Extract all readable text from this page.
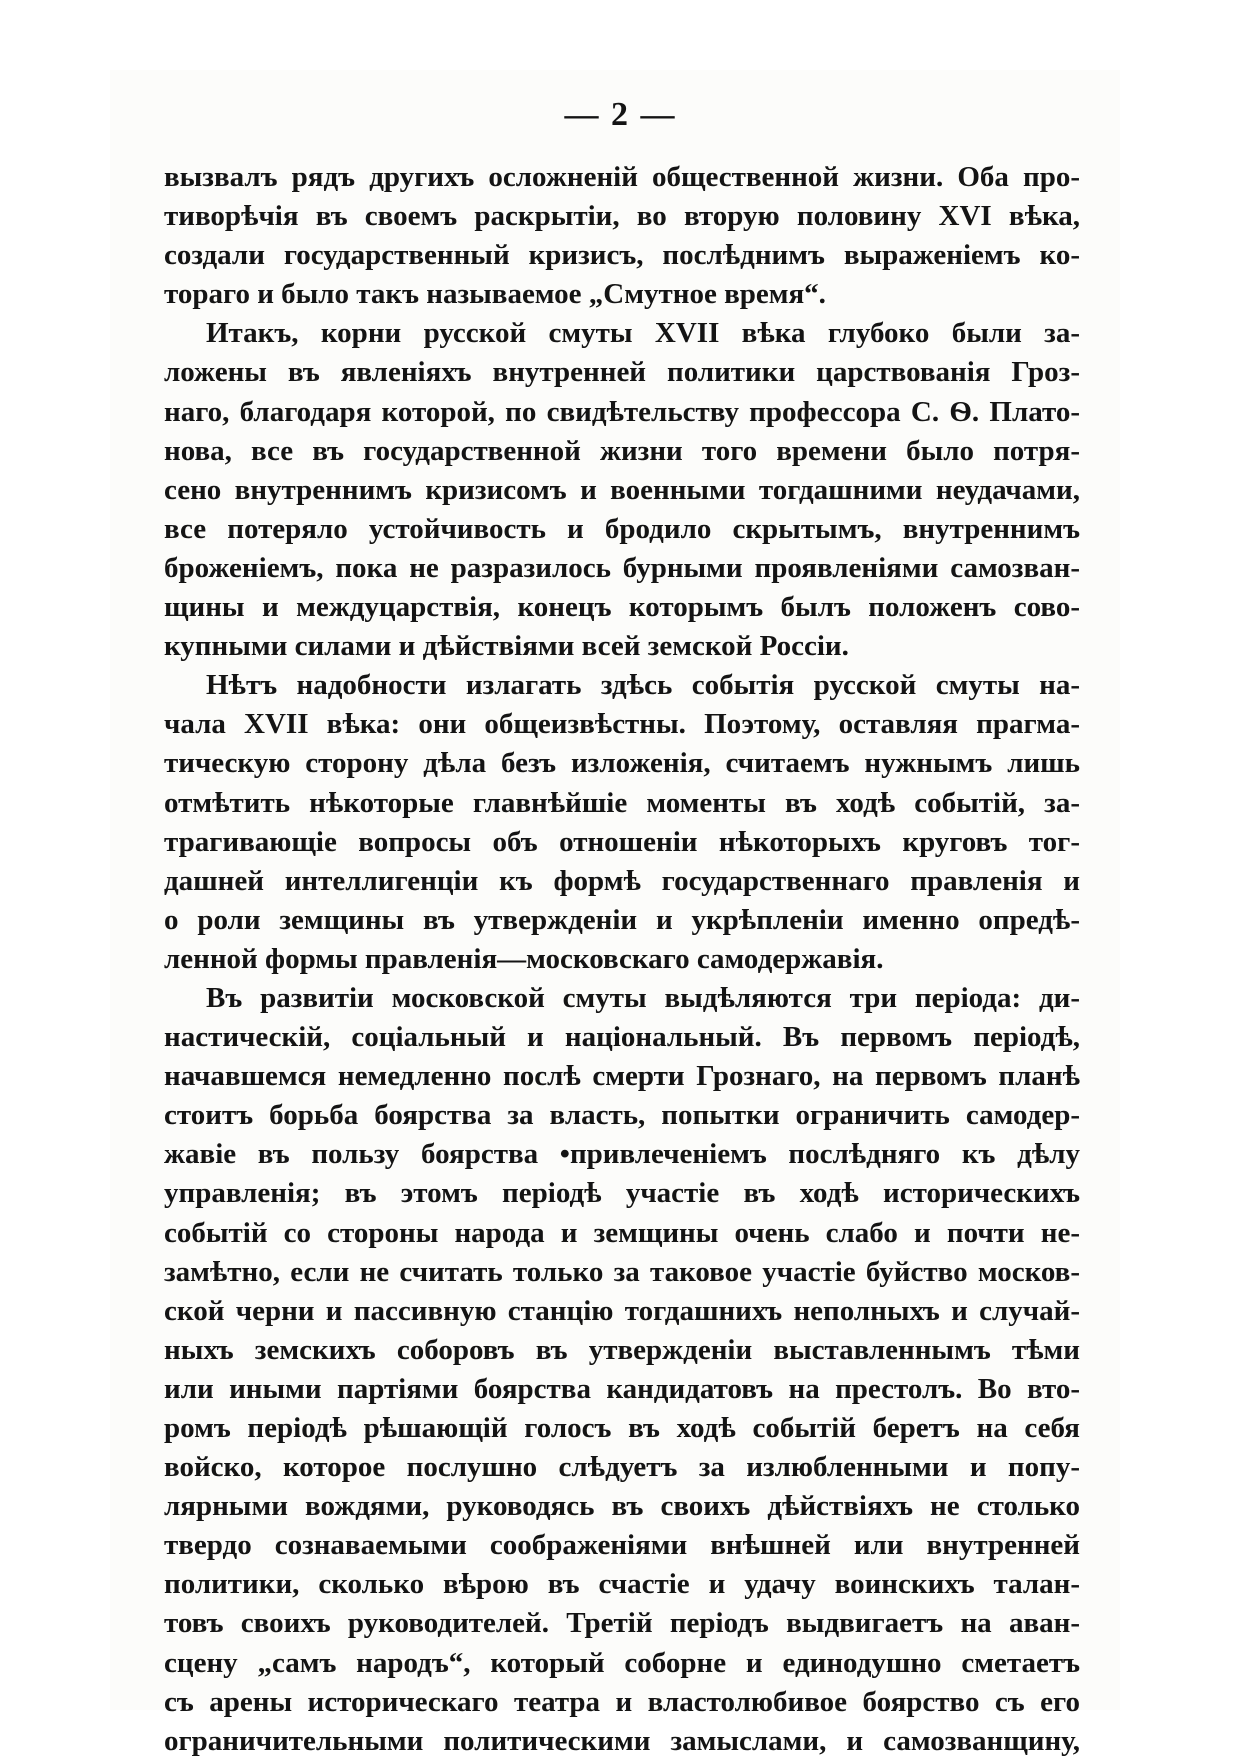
— 2 —
вызвалъ рядъ другихъ осложненій общественной жизни. Оба про-
тиворѣчія въ своемъ раскрытіи, во вторую половину XVI вѣка,
создали государственный кризисъ, послѣднимъ выраженіемъ ко-
тораго и было такъ называемое „Смутное время“.
Итакъ, корни русской смуты XVII вѣка глубоко были за-
ложены въ явленіяхъ внутренней политики царствованія Гроз-
наго, благодаря которой, по свидѣтельству профессора С. Ѳ. Плато-
нова, все въ государственной жизни того времени было потря-
сено внутреннимъ кризисомъ и военными тогдашними неудачами,
все потеряло устойчивость и бродило скрытымъ, внутреннимъ
броженіемъ, пока не разразилось бурными проявленіями самозван-
щины и междуцарствія, конецъ которымъ былъ положенъ сово-
купными силами и дѣйствіями всей земской Россіи.
Нѣтъ надобности излагать здѣсь событія русской смуты на-
чала XVII вѣка: они общеизвѣстны. Поэтому, оставляя прагма-
тическую сторону дѣла безъ изложенія, считаемъ нужнымъ лишь
отмѣтить нѣкоторые главнѣйшіе моменты въ ходѣ событій, за-
трагивающіе вопросы объ отношеніи нѣкоторыхъ круговъ тог-
дашней интеллигенціи къ формѣ государственнаго правленія и
о роли земщины въ утвержденіи и укрѣпленіи именно опредѣ-
ленной формы правленія—московскаго самодержавія.
Въ развитіи московской смуты выдѣляются три періода: ди-
настическій, соціальный и національный. Въ первомъ періодѣ,
начавшемся немедленно послѣ смерти Грознаго, на первомъ планѣ
стоитъ борьба боярства за власть, попытки ограничить самодер-
жавіе въ пользу боярства •привлеченіемъ послѣдняго къ дѣлу
управленія; въ этомъ періодѣ участіе въ ходѣ историческихъ
событій со стороны народа и земщины очень слабо и почти не-
замѣтно, если не считать только за таковое участіе буйство москов-
ской черни и пассивную станцію тогдашнихъ неполныхъ и случай-
ныхъ земскихъ соборовъ въ утвержденіи выставленнымъ тѣми
или иными партіями боярства кандидатовъ на престолъ. Во вто-
ромъ періодѣ рѣшающій голосъ въ ходѣ событій беретъ на себя
войско, которое послушно слѣдуетъ за излюбленными и попу-
лярными вождями, руководясь въ своихъ дѣйствіяхъ не столько
твердо сознаваемыми соображеніями внѣшней или внутренней
политики, сколько вѣрою въ счастіе и удачу воинскихъ талан-
товъ своихъ руководителей. Третій періодъ выдвигаетъ на аван-
сцену „самъ народъ“, который соборне и единодушно сметаетъ
съ арены историческаго театра и властолюбивое боярство съ его
ограничительными политическими замыслами, и самозванщину,
